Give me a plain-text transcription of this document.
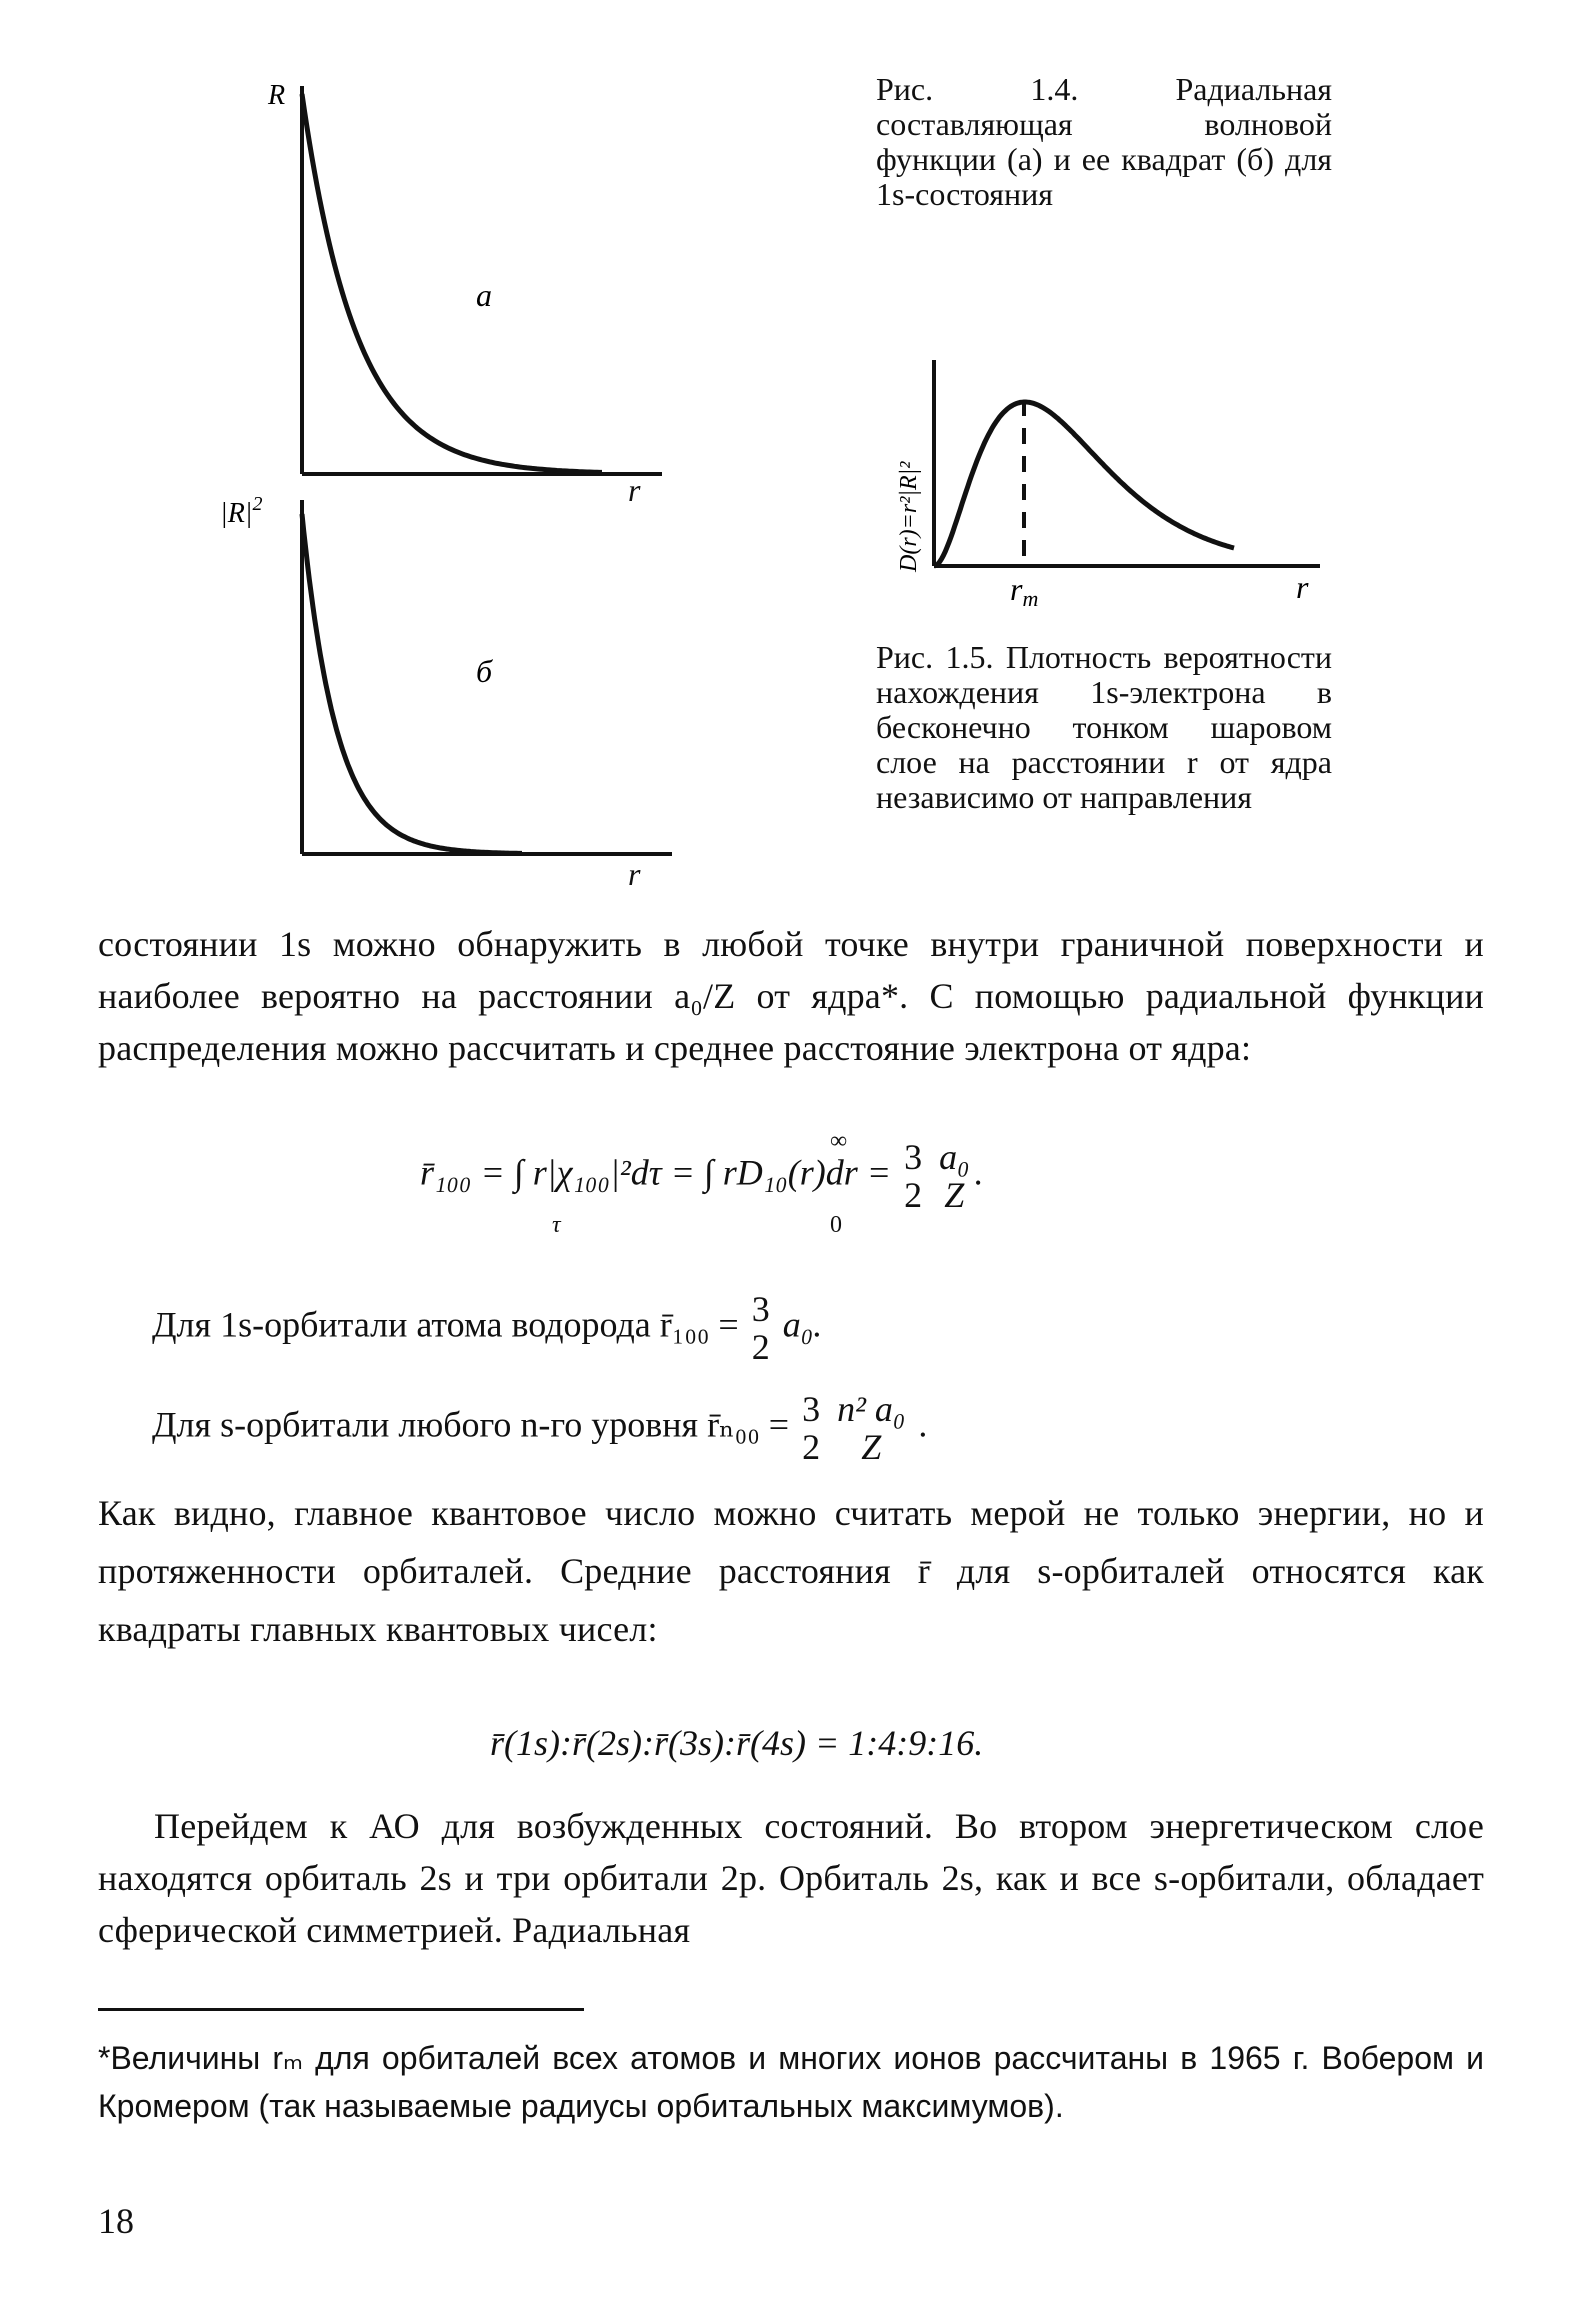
R
а
r
$|R|^2$
б
r
Рис. 1.4. Радиальная составляющая волновой функции (а) и ее квадрат (б) для 1s-состояния
D(r)=r²|R|²
rm	r
Рис. 1.5. Плотность вероятности нахождения 1s-электрона в бесконечно тонком шаровом слое на расстоянии r от ядра независимо от направления
состоянии 1s можно обнаружить в любой точке внутри граничной поверхности и наиболее вероятно на расстоянии a₀/Z от ядра*. С помощью радиальной функции распределения можно рассчитать и среднее расстояние электрона от ядра:
r̄₁₀₀ = ∫ r|χ₁₀₀|²dτ = ∫ rD₁₀(r)dr = 3
2

a₀
Z
.
τ
∞
0
Для 1s-орбитали атома водорода r̄₁₀₀ = 3
2
a₀.
Для s-орбитали любого n-го уровня r̄ₙ₀₀ = 3
2

n² a₀
Z
.
Как видно, главное квантовое число можно считать мерой не только энергии, но и протяженности орбиталей. Средние расстояния r̄ для s-орбиталей относятся как квадраты главных квантовых чисел:
r̄(1s):r̄(2s):r̄(3s):r̄(4s) = 1:4:9:16.
Перейдем к АО для возбужденных состояний. Во втором энергетическом слое находятся орбиталь 2s и три орбитали 2p. Орбиталь 2s, как и все s-орбитали, обладает сферической симметрией. Радиальная
*Величины rₘ для орбиталей всех атомов и многих ионов рассчитаны в 1965 г. Вобером и Кромером (так называемые радиусы орбитальных максимумов).
18
